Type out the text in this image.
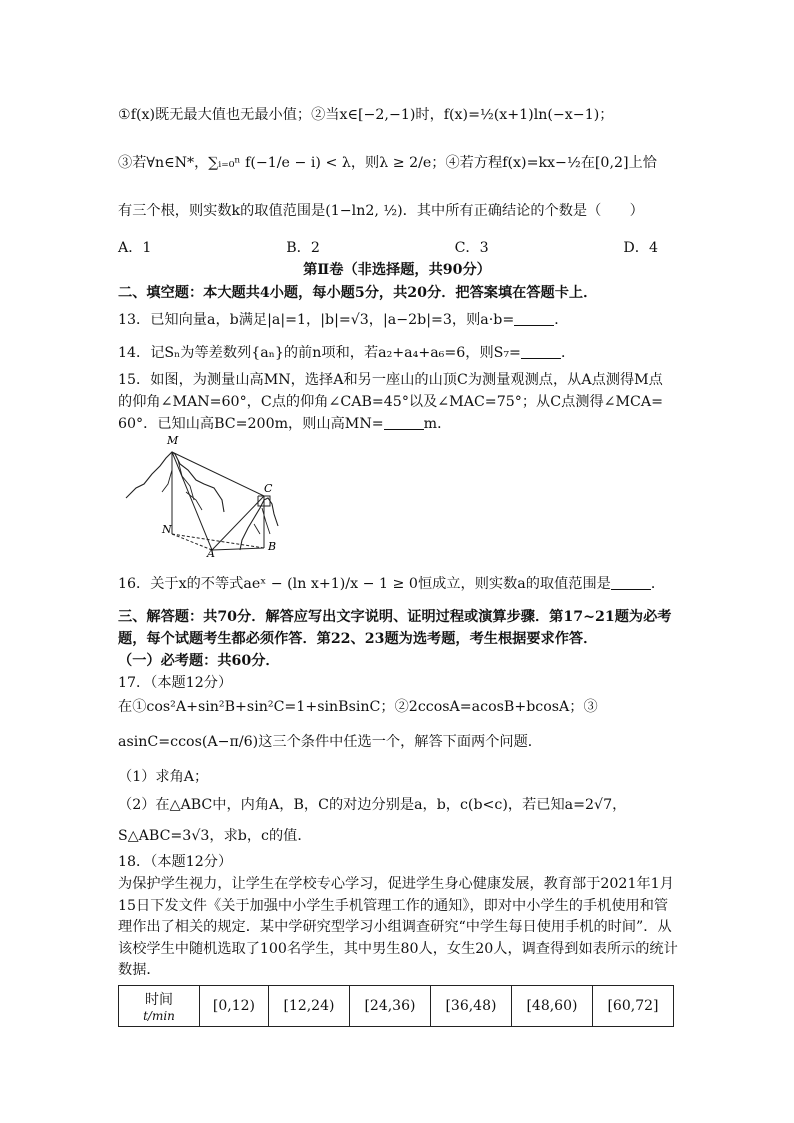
①f(x)既无最大值也无最小值；②当x∈[−2,−1)时，f(x)=½(x+1)ln(−x−1)；
③若∀n∈N*，∑ᵢ₌₀ⁿ f(−1/e − i) < λ，则λ ≥ 2/e；④若方程f(x)=kx−½在[0,2]上恰
有三个根，则实数k的取值范围是(1−ln2, ½)．其中所有正确结论的个数是（　　）
A．1	B．2	C．3	D．4
第Ⅱ卷（非选择题，共90分）
二、填空题：本大题共4小题，每小题5分，共20分．把答案填在答题卡上．
13．已知向量a，b满足|a|=1，|b|=√3，|a−2b|=3，则a·b=	．
14．记Sₙ为等差数列{aₙ}的前n项和，若a₂+a₄+a₆=6，则S₇=	．
15．如图，为测量山高MN，选择A和另一座山的山顶C为测量观测点，从A点测得M点
的仰角∠MAN=60°，C点的仰角∠CAB=45°以及∠MAC=75°；从C点测得∠MCA=
60°．已知山高BC=200m，则山高MN=	m．
M
N
A
B
C
16．关于x的不等式aeˣ − (ln x+1)/x − 1 ≥ 0恒成立，则实数a的取值范围是	．
三、解答题：共70分．解答应写出文字说明、证明过程或演算步骤．第17~21题为必考
题，每个试题考生都必须作答．第22、23题为选考题，考生根据要求作答．
（一）必考题：共60分．
17．（本题12分）
在①cos²A+sin²B+sin²C=1+sinBsinC；②2ccosA=acosB+bcosA；③
asinC=ccos(A−π/6)这三个条件中任选一个，解答下面两个问题．
（1）求角A；
（2）在△ABC中，内角A，B，C的对边分别是a，b，c(b<c)，若已知a=2√7，
S△ABC=3√3，求b，c的值．
18．（本题12分）
为保护学生视力，让学生在学校专心学习，促进学生身心健康发展，教育部于2021年1月15日下发文件《关于加强中小学生手机管理工作的通知》，即对中小学生的手机使用和管理作出了相关的规定．某中学研究型学习小组调查研究“中学生每日使用手机的时间”．从该校学生中随机选取了100名学生，其中男生80人，女生20人，调查得到如表所示的统计数据．
时间
t/min
	[0,12)	[12,24)	[24,36)	[36,48)	[48,60)	[60,72]
